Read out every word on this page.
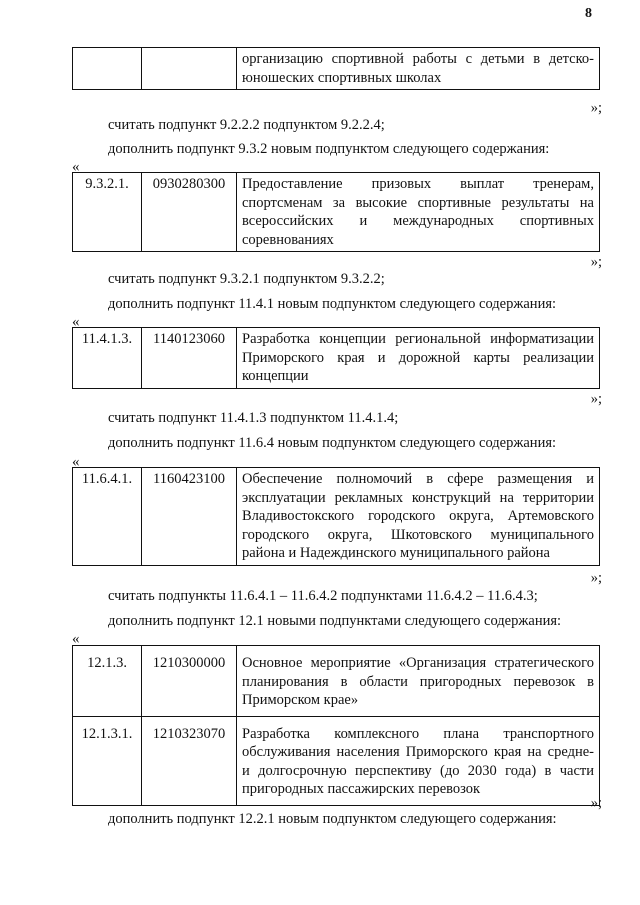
8

организацию спортивной работы с детьми в детско-
юношеских спортивных школах
»;
считать подпункт 9.2.2.2 подпунктом 9.2.2.4;
дополнить подпункт 9.3.2 новым подпунктом следующего содержания:
«
9.3.2.1.	0930280300	Предоставление призовых выплат тренерам,
спортсменам за высокие спортивные результаты на
всероссийских и международных спортивных
соревнованиях
»;
считать подпункт 9.3.2.1 подпунктом 9.3.2.2;
дополнить подпункт 11.4.1 новым подпунктом следующего содержания:
«
11.4.1.3.	1140123060	Разработка концепции региональной информатизации
Приморского края и дорожной карты реализации
концепции
»;
считать подпункт 11.4.1.3 подпунктом 11.4.1.4;
дополнить подпункт 11.6.4 новым подпунктом следующего содержания:
«
11.6.4.1.	1160423100	Обеспечение полномочий в сфере размещения и
эксплуатации рекламных конструкций на территории
Владивостокского городского округа, Артемовского
городского округа, Шкотовского муниципального
района и Надеждинского муниципального района
»;
считать подпункты 11.6.4.1 – 11.6.4.2 подпунктами 11.6.4.2 – 11.6.4.3;
дополнить подпункт 12.1 новыми подпунктами следующего содержания:
«
12.1.3.	1210300000	Основное мероприятие «Организация стратегического
планирования в области пригородных перевозок в
Приморском крае»

12.1.3.1.	1210323070	Разработка комплексного плана транспортного
обслуживания населения Приморского края на средне-
и долгосрочную перспективу (до 2030 года) в части
пригородных пассажирских перевозок
»;
дополнить подпункт 12.2.1 новым подпунктом следующего содержания:
